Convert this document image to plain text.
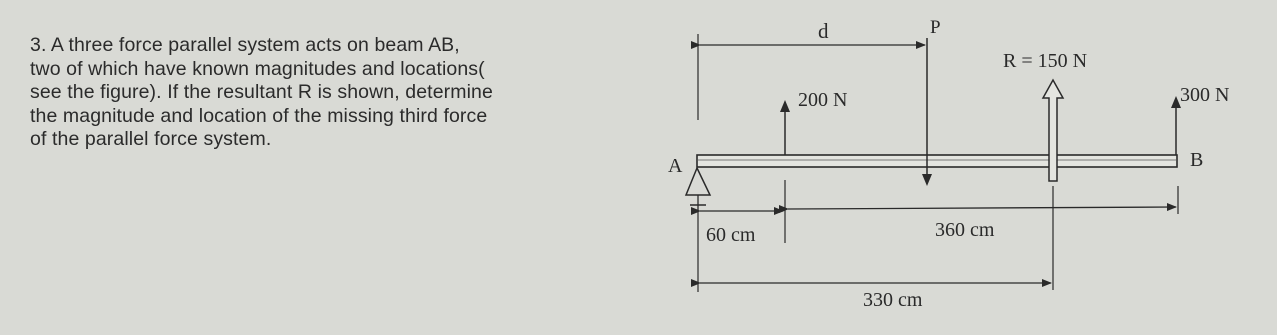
3. A three force parallel system acts on beam AB,
two of which have known magnitudes and locations(
see the figure). If the resultant R is shown, determine
the magnitude and location of the missing third force
of the parallel force system.
A	B
d	P
R = 150 N
200 N	300 N
60 cm	360 cm
330 cm
